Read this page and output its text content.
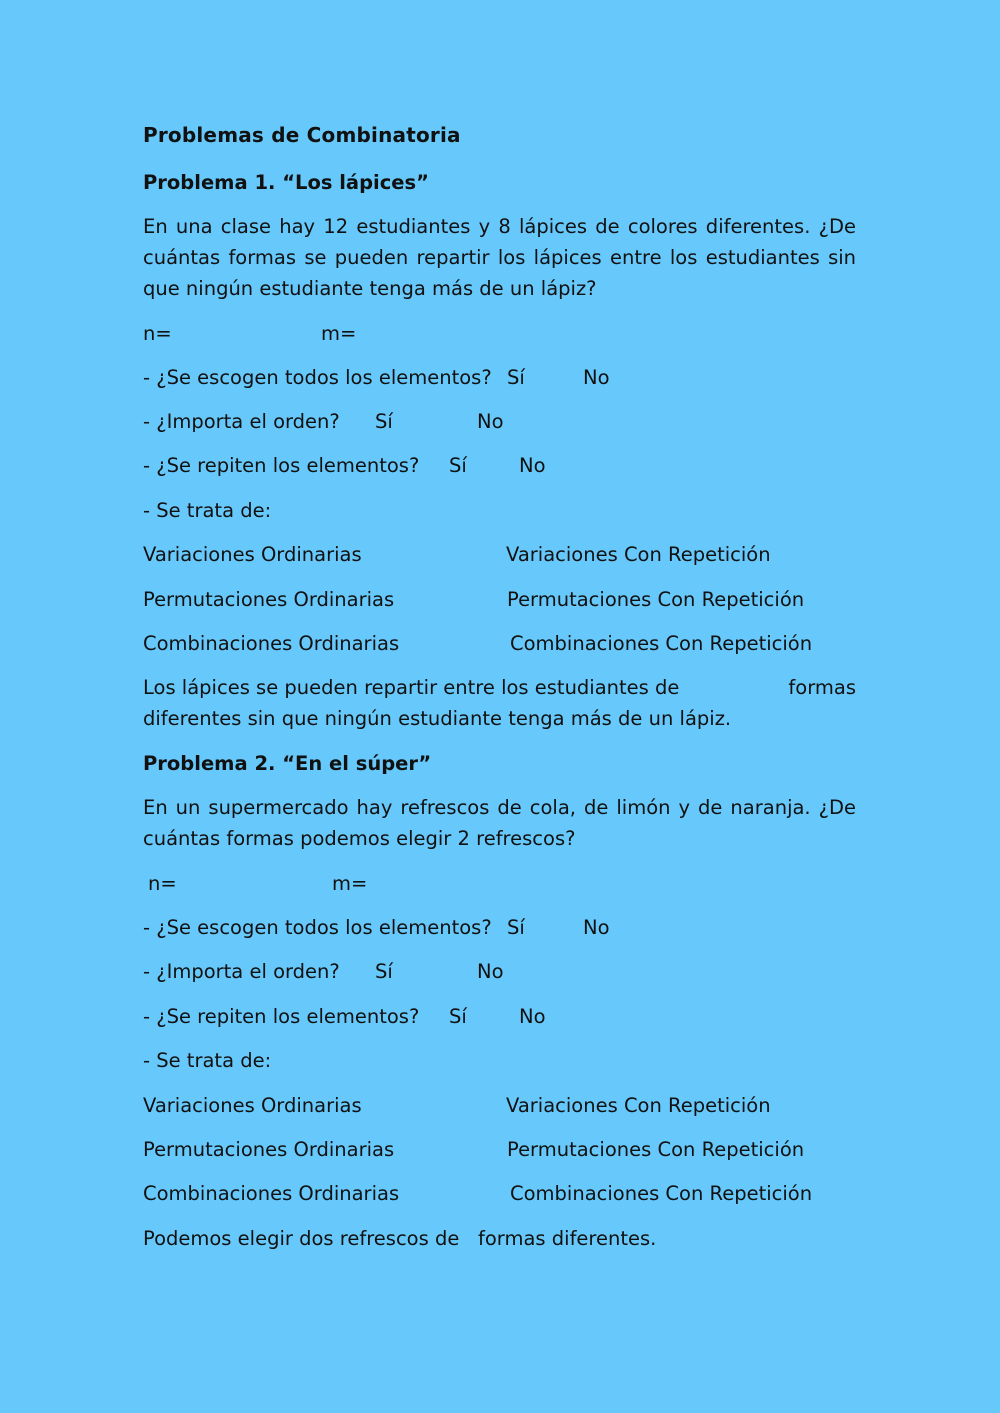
Problemas de Combinatoria
Problema 1. “Los lápices”
En una clase hay 12 estudiantes y 8 lápices de colores diferentes. ¿De cuántas formas se pueden repartir los lápices entre los estudiantes sin que ningún estudiante tenga más de un lápiz?
n=	m=
- ¿Se escogen todos los elementos? Sí	No
- ¿Importa el orden? Sí	No
- ¿Se repiten los elementos? Sí	No
- Se trata de:
Variaciones Ordinarias	Variaciones Con Repetición
Permutaciones Ordinarias	Permutaciones Con Repetición
Combinaciones Ordinarias	Combinaciones Con Repetición
Los lápices se pueden repartir entre los estudiantes de	formas
diferentes sin que ningún estudiante tenga más de un lápiz.
Problema 2. “En el súper”
En un supermercado hay refrescos de cola, de limón y de naranja. ¿De cuántas formas podemos elegir 2 refrescos?
n=	m=
- ¿Se escogen todos los elementos? Sí	No
- ¿Importa el orden? Sí	No
- ¿Se repiten los elementos? Sí	No
- Se trata de:
Variaciones Ordinarias	Variaciones Con Repetición
Permutaciones Ordinarias	Permutaciones Con Repetición
Combinaciones Ordinarias	Combinaciones Con Repetición
Podemos elegir dos refrescos de formas diferentes.
